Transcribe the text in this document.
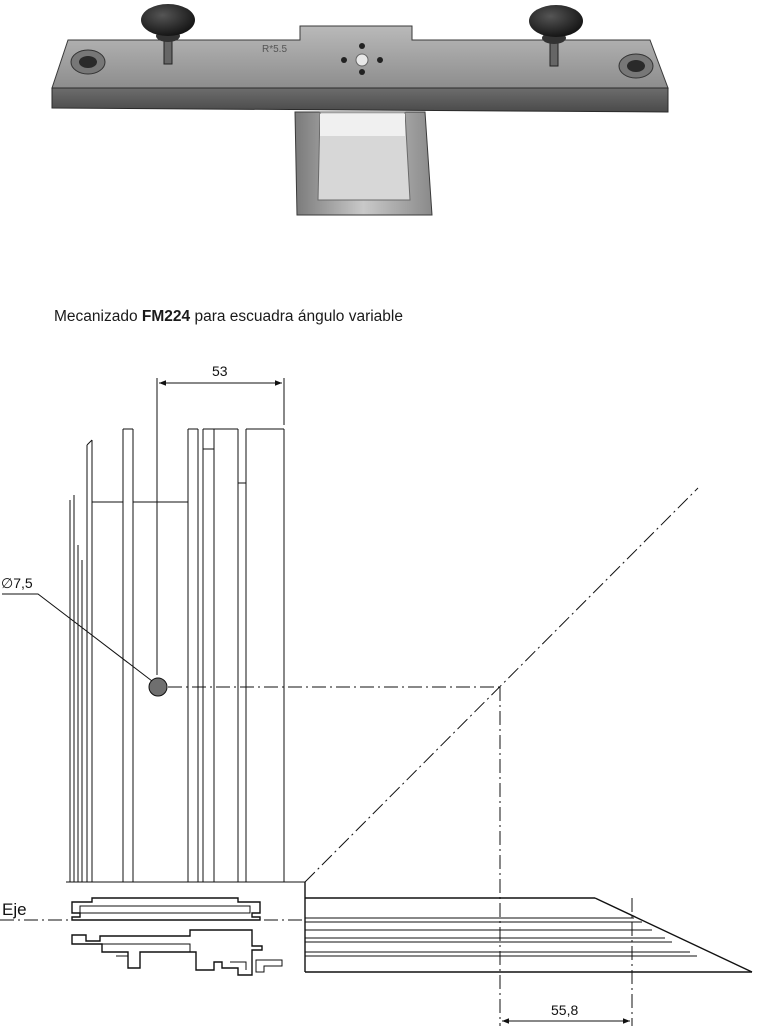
R*5.5
Mecanizado FM224 para escuadra ángulo variable
53
∅7,5
Eje
55,8
